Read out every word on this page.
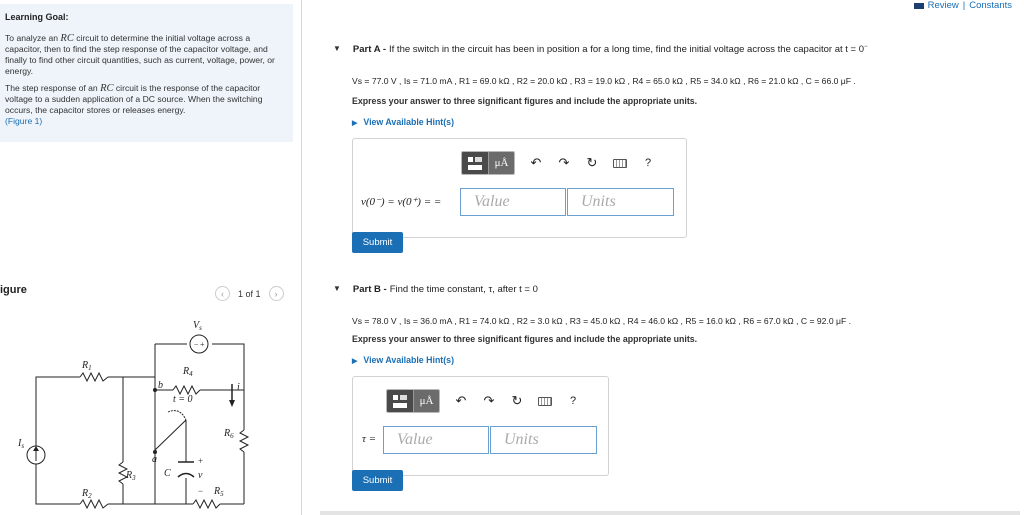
Learning Goal:

To analyze an RC circuit to determine the initial voltage across a capacitor, then to find the step response of the capacitor voltage, and finally to find other circuit quantities, such as current, voltage, power, or energy.

The step response of an RC circuit is the response of the capacitor voltage to a sudden application of a DC source. When the switching occurs, the capacitor stores or releases energy.
(Figure 1)

igure	‹	1 of 1	›
− +
$V_s$
$R_1$
$R_2$
$R_3$
$R_4$
$R_5$
$R_6$
$I_s$
C	v
+
−
a
b
t = 0
i
Review | Constants
▼ Part A - If the switch in the circuit has been in position a for a long time, find the initial voltage across the capacitor at t = 0−
Vs = 77.0 V , Is = 71.0 mA , R1 = 69.0 kΩ , R2 = 20.0 kΩ , R3 = 19.0 kΩ , R4 = 65.0 kΩ , R5 = 34.0 kΩ , R6 = 21.0 kΩ , C = 66.0 μF .
Express your answer to three significant figures and include the appropriate units.
▶ View Available Hint(s)
μÅ	↶ ↷ ↻	?
v(0⁻) = v(0⁺) = =	Value	Units
Submit
▼ Part B - Find the time constant, τ, after t = 0
Vs = 78.0 V , Is = 36.0 mA , R1 = 74.0 kΩ , R2 = 3.0 kΩ , R3 = 45.0 kΩ , R4 = 46.0 kΩ , R5 = 16.0 kΩ , R6 = 67.0 kΩ , C = 92.0 μF .
Express your answer to three significant figures and include the appropriate units.
▶ View Available Hint(s)
μÅ	↶ ↷ ↻	?
τ =	Value	Units
Submit
